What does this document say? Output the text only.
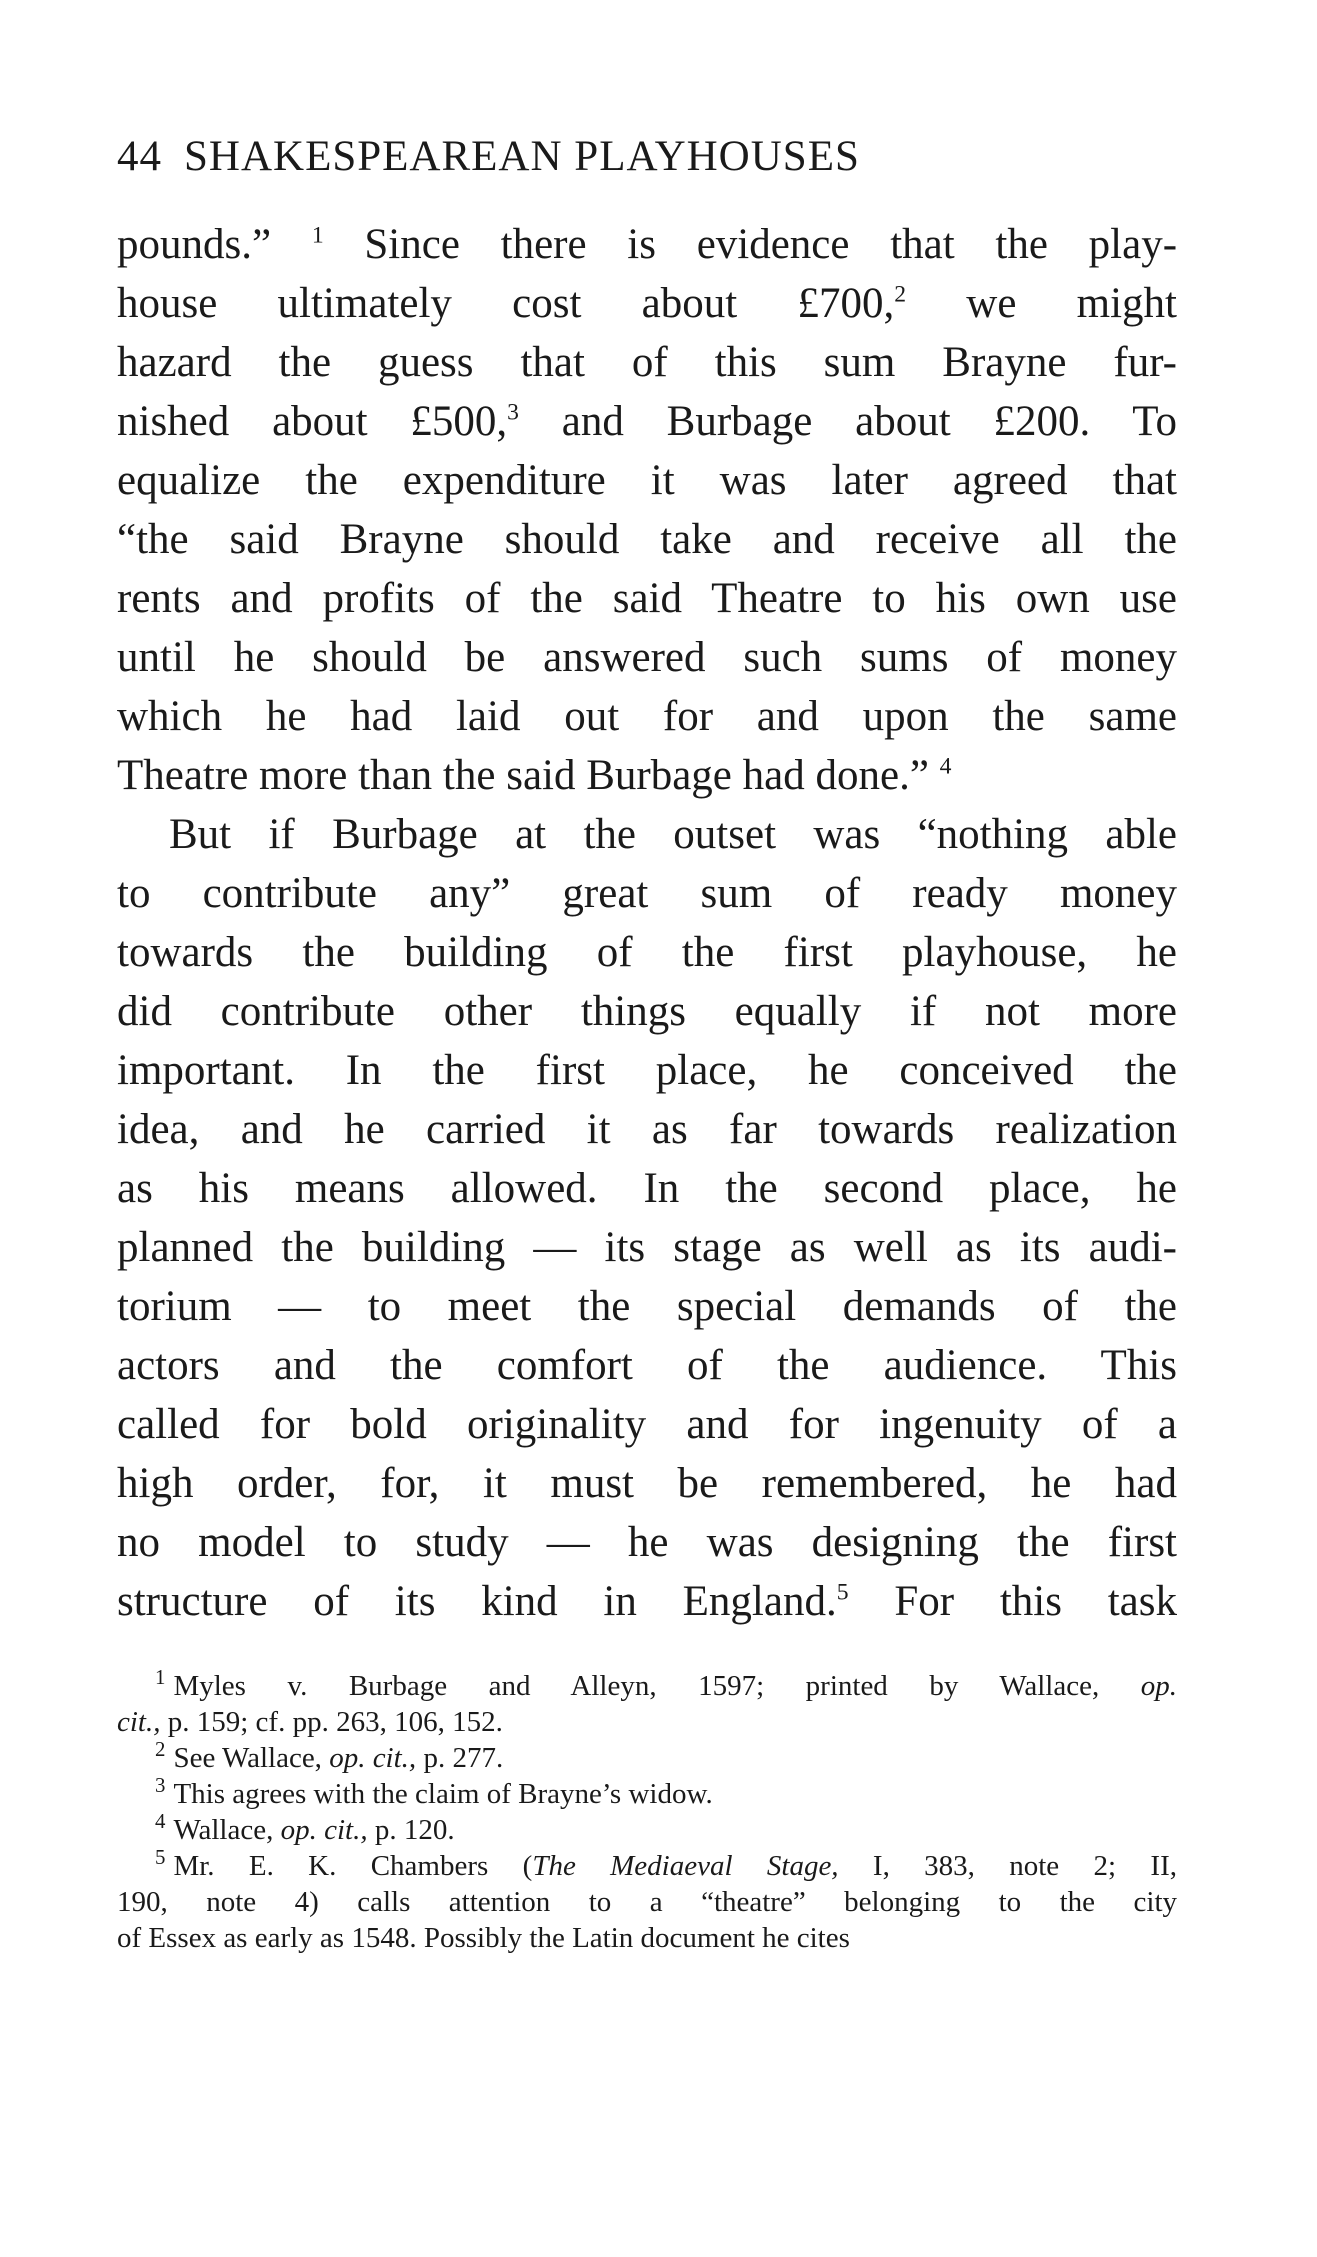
44 SHAKESPEAREAN PLAYHOUSES
pounds.” $^1$ Since there is evidence that the play-
house ultimately cost about £700,$^2$ we might
hazard the guess that of this sum Brayne fur-
nished about £500,$^3$ and Burbage about £200. To
equalize the expenditure it was later agreed that
“the said Brayne should take and receive all the
rents and profits of the said Theatre to his own use
until he should be answered such sums of money
which he had laid out for and upon the same
Theatre more than the said Burbage had done.” $^4$
But if Burbage at the outset was “nothing able
to contribute any” great sum of ready money
towards the building of the first playhouse, he
did contribute other things equally if not more
important. In the first place, he conceived the
idea, and he carried it as far towards realization
as his means allowed. In the second place, he
planned the building — its stage as well as its audi-
torium — to meet the special demands of the
actors and the comfort of the audience. This
called for bold originality and for ingenuity of a
high order, for, it must be remembered, he had
no model to study — he was designing the first
structure of its kind in England.$^5$ For this task
$^1$ Myles v. Burbage and Alleyn, 1597; printed by Wallace, op.
cit., p. 159; cf. pp. 263, 106, 152.
$^2$ See Wallace, op. cit., p. 277.
$^3$ This agrees with the claim of Brayne’s widow.
$^4$ Wallace, op. cit., p. 120.
$^5$ Mr. E. K. Chambers (The Mediaeval Stage, I, 383, note 2; II,
190, note 4) calls attention to a “theatre” belonging to the city
of Essex as early as 1548. Possibly the Latin document he cites
